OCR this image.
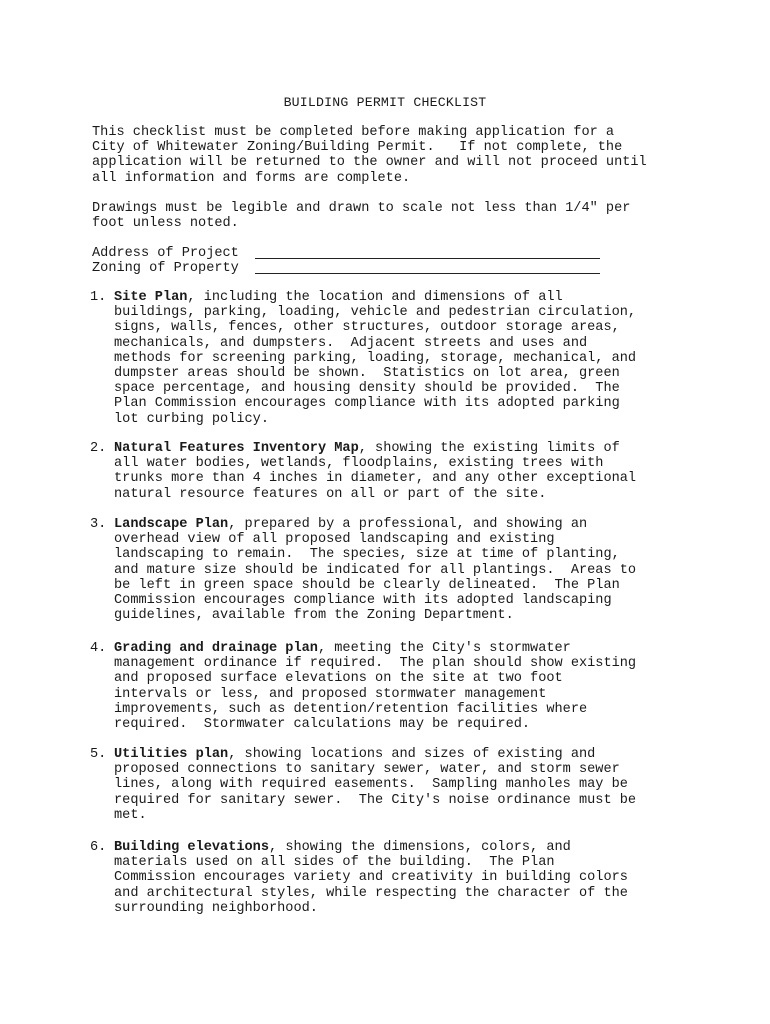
BUILDING PERMIT CHECKLIST
This checklist must be completed before making application for a
City of Whitewater Zoning/Building Permit.   If not complete, the
application will be returned to the owner and will not proceed until
all information and forms are complete.
Drawings must be legible and drawn to scale not less than 1/4" per
foot unless noted.
Address of Project
Zoning of Property
1. Site Plan, including the location and dimensions of all
buildings, parking, loading, vehicle and pedestrian circulation,
signs, walls, fences, other structures, outdoor storage areas,
mechanicals, and dumpsters.  Adjacent streets and uses and
methods for screening parking, loading, storage, mechanical, and
dumpster areas should be shown.  Statistics on lot area, green
space percentage, and housing density should be provided.  The
Plan Commission encourages compliance with its adopted parking
lot curbing policy.
2. Natural Features Inventory Map, showing the existing limits of
all water bodies, wetlands, floodplains, existing trees with
trunks more than 4 inches in diameter, and any other exceptional
natural resource features on all or part of the site.
3. Landscape Plan, prepared by a professional, and showing an
overhead view of all proposed landscaping and existing
landscaping to remain.  The species, size at time of planting,
and mature size should be indicated for all plantings.  Areas to
be left in green space should be clearly delineated.  The Plan
Commission encourages compliance with its adopted landscaping
guidelines, available from the Zoning Department.
4. Grading and drainage plan, meeting the City's stormwater
management ordinance if required.  The plan should show existing
and proposed surface elevations on the site at two foot
intervals or less, and proposed stormwater management
improvements, such as detention/retention facilities where
required.  Stormwater calculations may be required.
5. Utilities plan, showing locations and sizes of existing and
proposed connections to sanitary sewer, water, and storm sewer
lines, along with required easements.  Sampling manholes may be
required for sanitary sewer.  The City's noise ordinance must be
met.
6. Building elevations, showing the dimensions, colors, and
materials used on all sides of the building.  The Plan
Commission encourages variety and creativity in building colors
and architectural styles, while respecting the character of the
surrounding neighborhood.
